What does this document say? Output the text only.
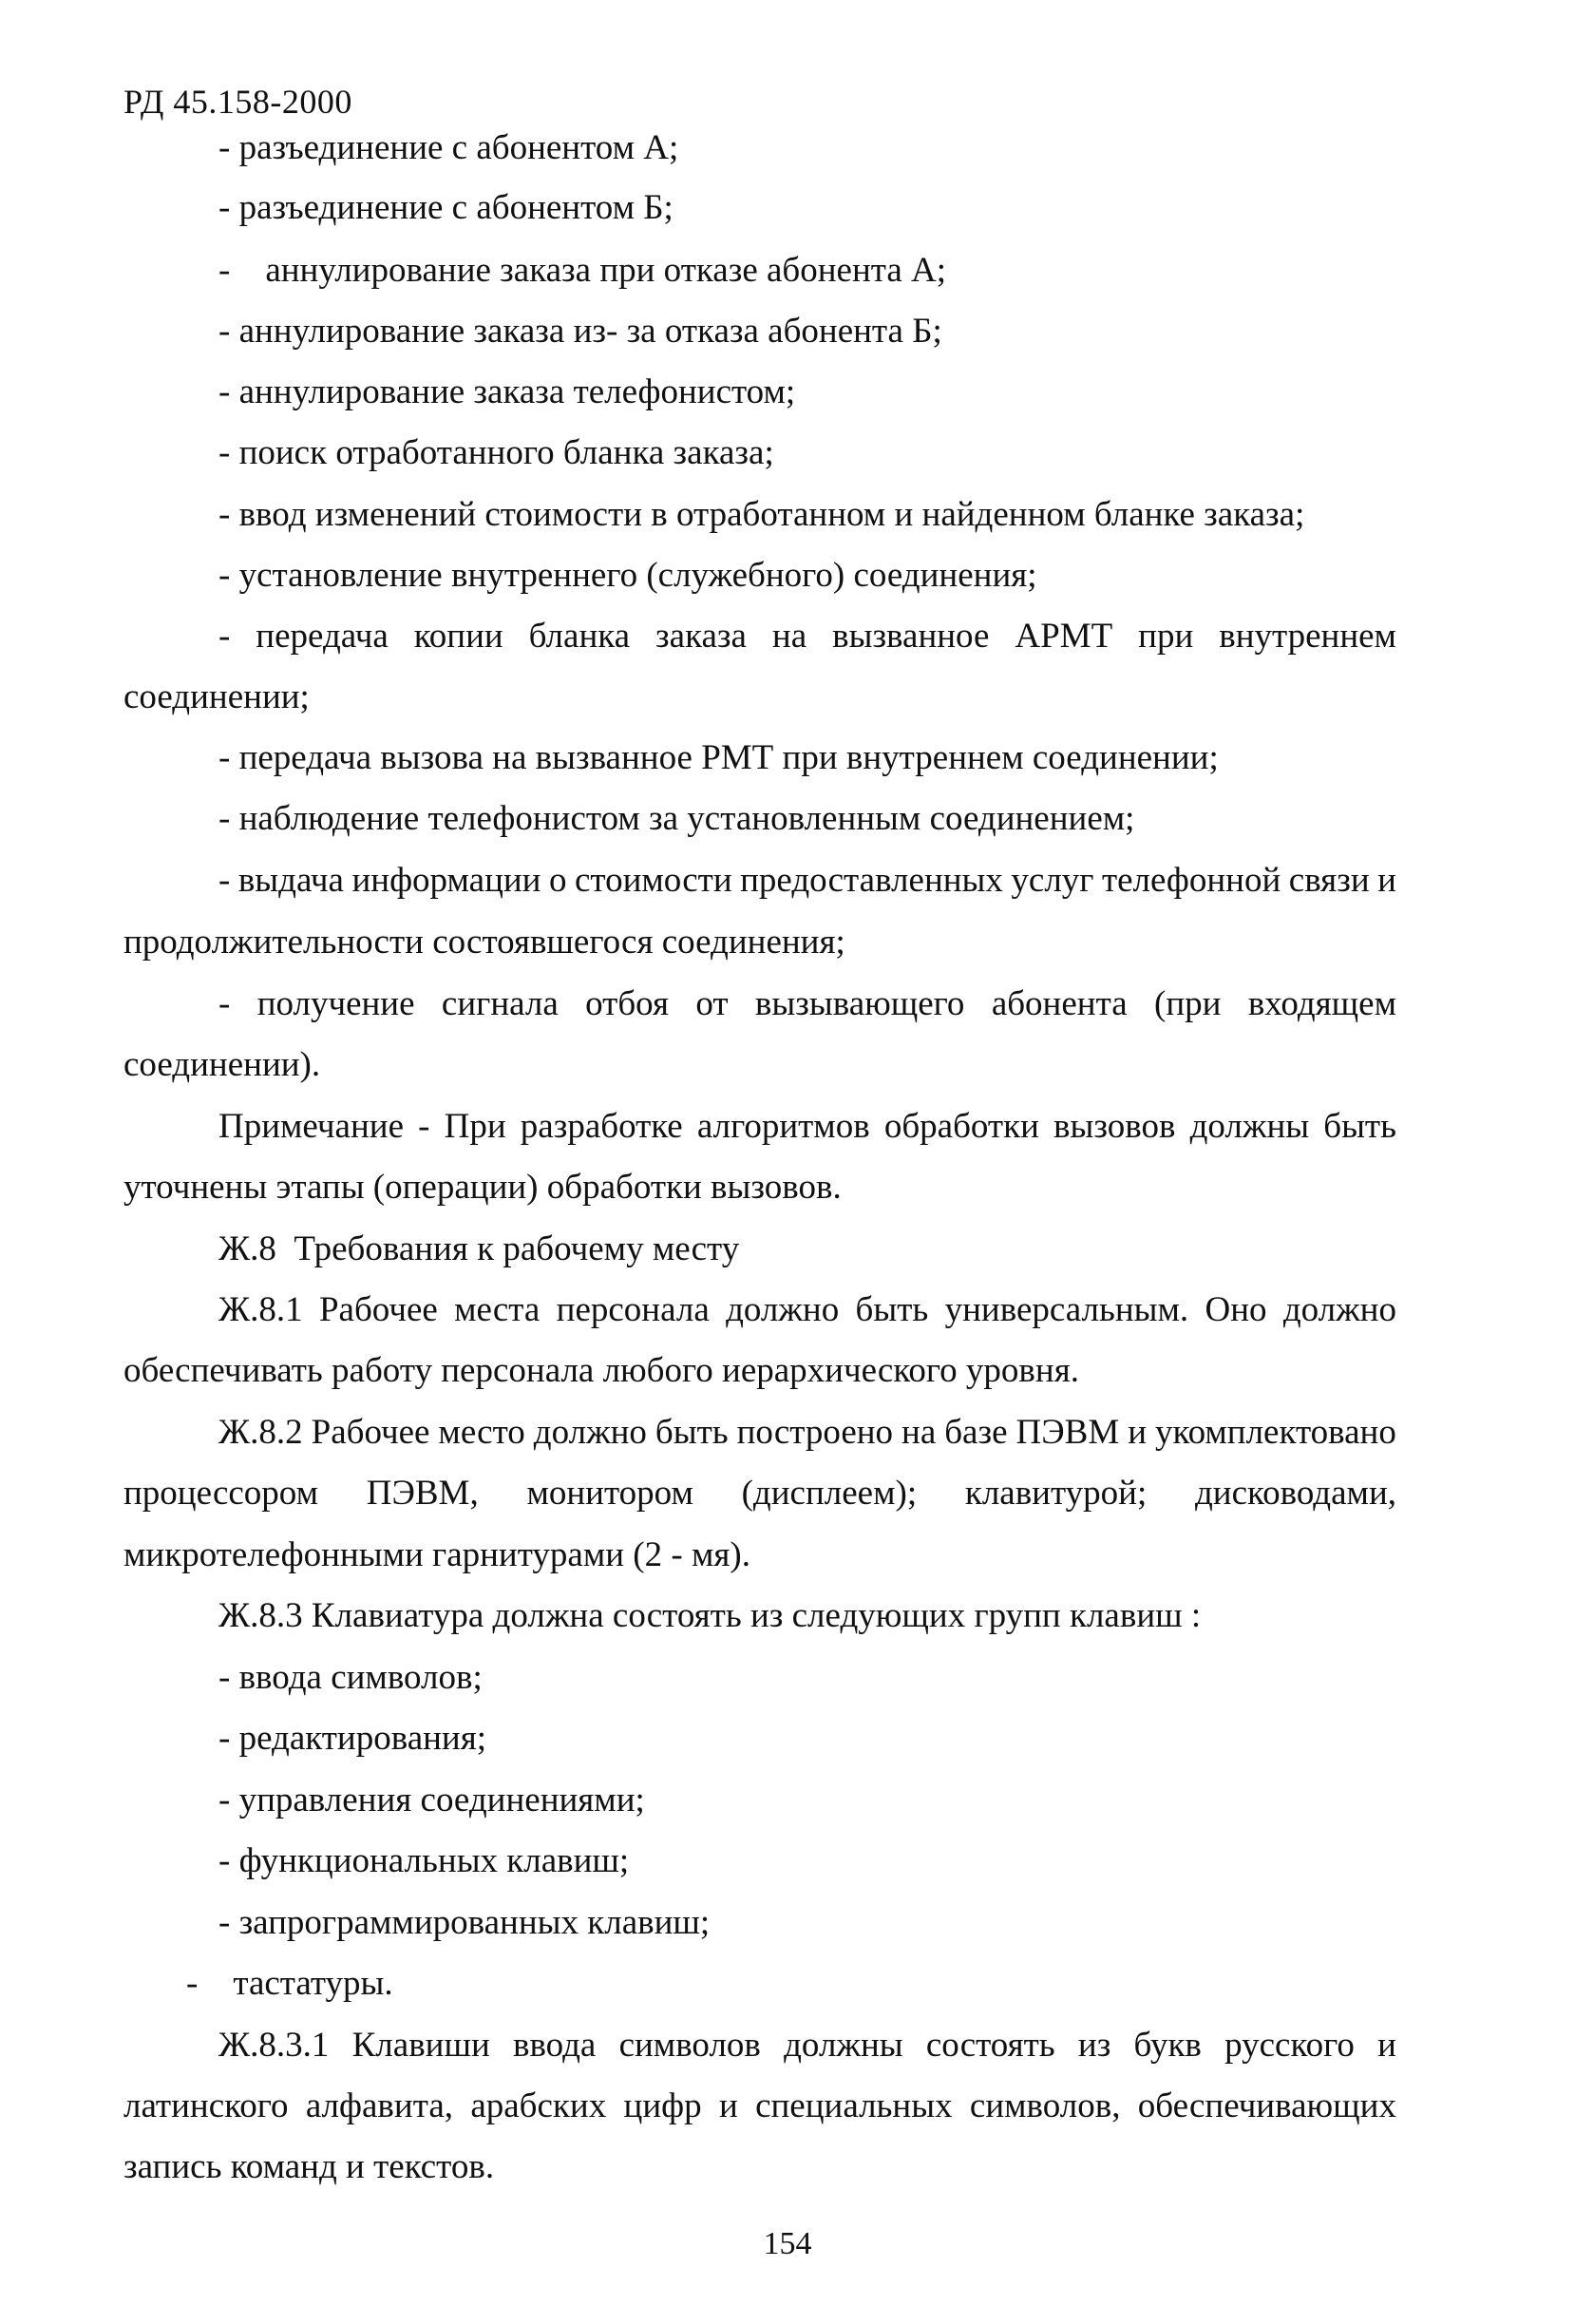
РД 45.158-2000
- разъединение с абонентом А;
- разъединение с абонентом Б;
-    аннулирование заказа при отказе абонента А;
- аннулирование заказа из- за отказа абонента Б;
- аннулирование заказа телефонистом;
- поиск отработанного бланка заказа;
- ввод изменений стоимости в отработанном и найденном бланке заказа;
- установление внутреннего (служебного) соединения;
- передача копии бланка заказа на вызванное АРМТ при внутреннем
соединении;
- передача вызова на вызванное РМТ при внутреннем соединении;
- наблюдение телефонистом за установленным соединением;
- выдача информации о стоимости предоставленных услуг телефонной связи и
продолжительности состоявшегося соединения;
- получение сигнала отбоя от вызывающего абонента (при входящем
соединении).
Примечание - При разработке алгоритмов обработки вызовов должны быть
уточнены этапы (операции) обработки вызовов.
Ж.8  Требования к рабочему месту
Ж.8.1 Рабочее места персонала должно быть универсальным. Оно должно
обеспечивать работу персонала любого иерархического уровня.
Ж.8.2 Рабочее место должно быть построено на базе ПЭВМ и укомплектовано
процессором ПЭВМ, монитором (дисплеем); клавитурой; дисководами,
микротелефонными гарнитурами (2 - мя).
Ж.8.3 Клавиатура должна состоять из следующих групп клавиш :
- ввода символов;
- редактирования;
- управления соединениями;
- функциональных клавиш;
- запрограммированных клавиш;
-    тастатуры.
Ж.8.3.1 Клавиши ввода символов должны состоять из букв русского и
латинского алфавита, арабских цифр и специальных символов, обеспечивающих
запись команд и текстов.
154
